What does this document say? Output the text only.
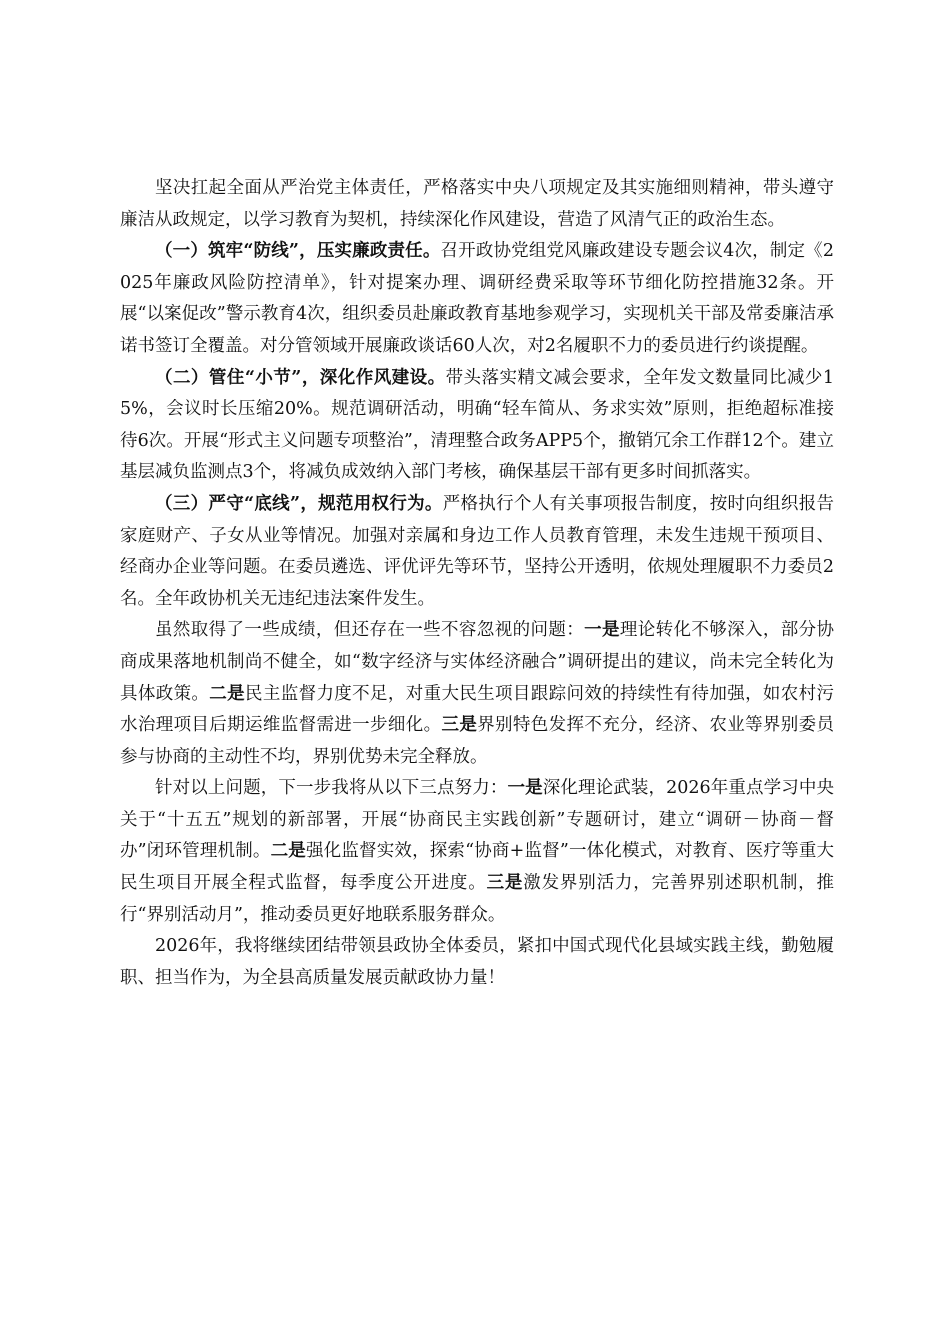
坚决扛起全面从严治党主体责任，严格落实中央八项规定及其实施细则精神，带头遵守廉洁从政规定，以学习教育为契机，持续深化作风建设，营造了风清气正的政治生态。

（一）筑牢“防线”，压实廉政责任。召开政协党组党风廉政建设专题会议4次，制定《2025年廉政风险防控清单》，针对提案办理、调研经费采取等环节细化防控措施32条。开展“以案促改”警示教育4次，组织委员赴廉政教育基地参观学习，实现机关干部及常委廉洁承诺书签订全覆盖。对分管领域开展廉政谈话60人次，对2名履职不力的委员进行约谈提醒。

（二）管住“小节”，深化作风建设。带头落实精文减会要求，全年发文数量同比减少15%，会议时长压缩20%。规范调研活动，明确“轻车简从、务求实效”原则，拒绝超标准接待6次。开展“形式主义问题专项整治”，清理整合政务APP5个，撤销冗余工作群12个。建立基层减负监测点3个，将减负成效纳入部门考核，确保基层干部有更多时间抓落实。

（三）严守“底线”，规范用权行为。严格执行个人有关事项报告制度，按时向组织报告家庭财产、子女从业等情况。加强对亲属和身边工作人员教育管理，未发生违规干预项目、经商办企业等问题。在委员遴选、评优评先等环节，坚持公开透明，依规处理履职不力委员2名。全年政协机关无违纪违法案件发生。

虽然取得了一些成绩，但还存在一些不容忽视的问题：一是理论转化不够深入，部分协商成果落地机制尚不健全，如“数字经济与实体经济融合”调研提出的建议，尚未完全转化为具体政策。二是民主监督力度不足，对重大民生项目跟踪问效的持续性有待加强，如农村污水治理项目后期运维监督需进一步细化。三是界别特色发挥不充分，经济、农业等界别委员参与协商的主动性不均，界别优势未完全释放。

针对以上问题，下一步我将从以下三点努力：一是深化理论武装，2026年重点学习中央关于“十五五”规划的新部署，开展“协商民主实践创新”专题研讨，建立“调研－协商－督办”闭环管理机制。二是强化监督实效，探索“协商+监督”一体化模式，对教育、医疗等重大民生项目开展全程式监督，每季度公开进度。三是激发界别活力，完善界别述职机制，推行“界别活动月”，推动委员更好地联系服务群众。

2026年，我将继续团结带领县政协全体委员，紧扣中国式现代化县域实践主线，勤勉履职、担当作为，为全县高质量发展贡献政协力量！
